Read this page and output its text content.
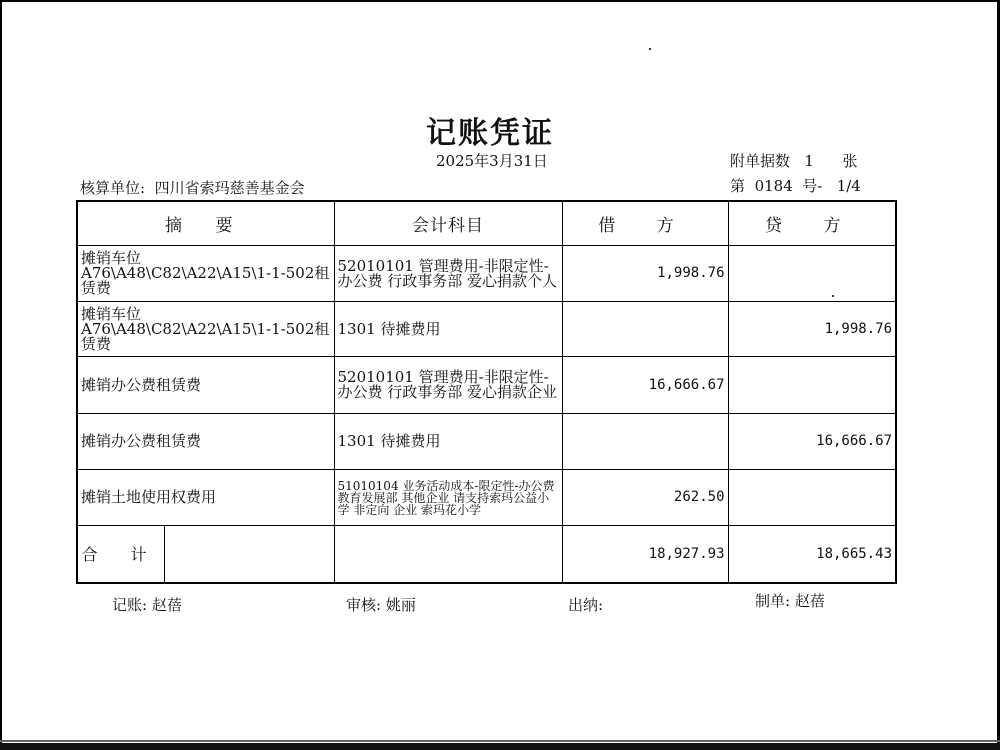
记账凭证
2025年3月31日	附单据数 1 张
核算单位: 四川省索玛慈善基金会	第 0184 号- 1/4
摘 要	会计科目	借 方	贷 方
摊销车位A76\A48\C82\A22\A15\1-1-502租赁费	52010101 管理费用-非限定性-办公费 行政事务部 爱心捐款个人	1,998.76	
摊销车位A76\A48\C82\A22\A15\1-1-502租赁费	1301 待摊费用		1,998.76
摊销办公费租赁费	52010101 管理费用-非限定性-办公费 行政事务部 爱心捐款企业	16,666.67	
摊销办公费租赁费	1301 待摊费用		16,666.67
摊销土地使用权费用	51010104 业务活动成本-限定性-办公费 教育发展部 其他企业 请支持索玛公益小学 非定向 企业 索玛花小学	262.50	

合 计		18,927.93	18,665.43
记账: 赵蓓	审核: 姚丽	出纳:	制单: 赵蓓
